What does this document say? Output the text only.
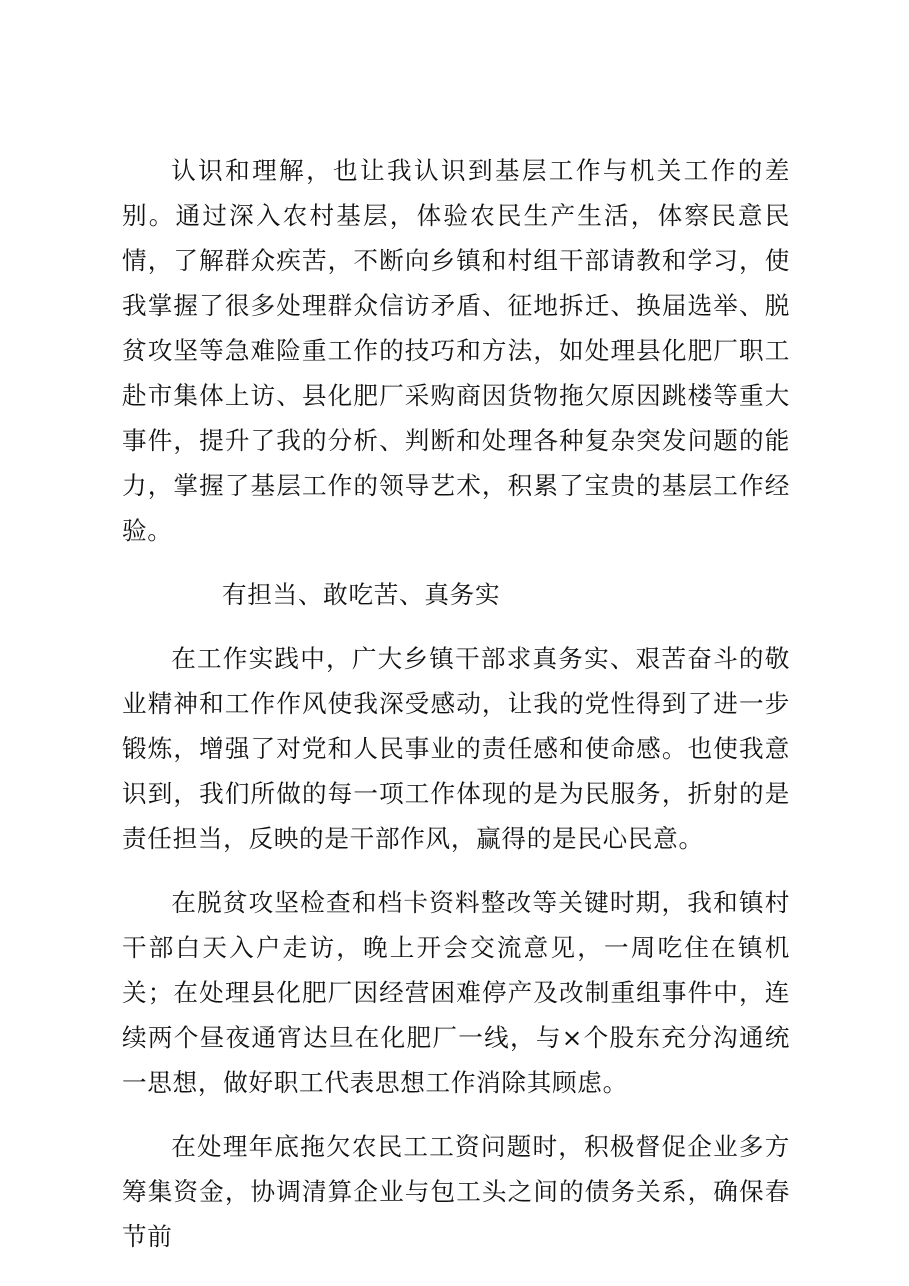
认识和理解，也让我认识到基层工作与机关工作的差别。通过深入农村基层，体验农民生产生活，体察民意民情，了解群众疾苦，不断向乡镇和村组干部请教和学习，使我掌握了很多处理群众信访矛盾、征地拆迁、换届选举、脱贫攻坚等急难险重工作的技巧和方法，如处理县化肥厂职工赴市集体上访、县化肥厂采购商因货物拖欠原因跳楼等重大事件，提升了我的分析、判断和处理各种复杂突发问题的能力，掌握了基层工作的领导艺术，积累了宝贵的基层工作经验。

有担当、敢吃苦、真务实

在工作实践中，广大乡镇干部求真务实、艰苦奋斗的敬业精神和工作作风使我深受感动，让我的党性得到了进一步锻炼，增强了对党和人民事业的责任感和使命感。也使我意识到，我们所做的每一项工作体现的是为民服务，折射的是责任担当，反映的是干部作风，赢得的是民心民意。

在脱贫攻坚检查和档卡资料整改等关键时期，我和镇村干部白天入户走访，晚上开会交流意见，一周吃住在镇机关；在处理县化肥厂因经营困难停产及改制重组事件中，连续两个昼夜通宵达旦在化肥厂一线，与×个股东充分沟通统一思想，做好职工代表思想工作消除其顾虑。

在处理年底拖欠农民工工资问题时，积极督促企业多方筹集资金，协调清算企业与包工头之间的债务关系，确保春节前
